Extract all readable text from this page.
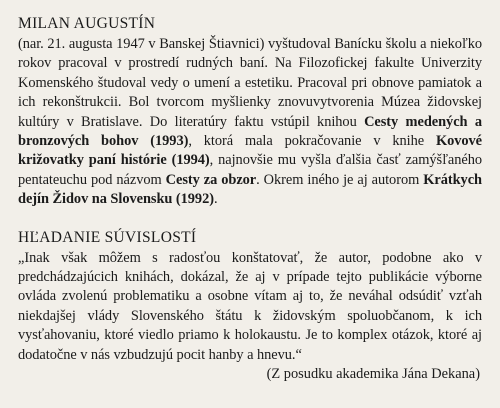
MILAN AUGUSTÍN

(nar. 21. augusta 1947 v Banskej Štiavnici) vyštudoval Banícku školu a niekoľko rokov pracoval v prostredí rudných baní. Na Filozofickej fakulte Univerzity Komenského študoval vedy o umení a estetiku. Pracoval pri obnove pamiatok a ich rekonštrukcii. Bol tvorcom myšlienky znovuvytvorenia Múzea židovskej kultúry v Bratislave. Do literatúry faktu vstúpil knihou Cesty medených a bronzových bohov (1993), ktorá mala pokračovanie v knihe Kovové križovatky paní histórie (1994), najnovšie mu vyšla ďalšia časť zamýšľaného pentateuchu pod názvom Cesty za obzor. Okrem iného je aj autorom Krátkych dejín Židov na Slovensku (1992).

HĽADANIE SÚVISLOSTÍ

„Inak však môžem s radosťou konštatovať, že autor, podobne ako v predchádzajúcich knihách, dokázal, že aj v prípade tejto publikácie výborne ovláda zvolenú problematiku a osobne vítam aj to, že neváhal odsúdiť vzťah niekdajšej vlády Slovenského štátu k židovským spoluobčanom, k ich vysťahovaniu, ktoré viedlo priamo k holokaustu. Je to komplex otázok, ktoré aj dodatočne v nás vzbudzujú pocit hanby a hnevu.“

(Z posudku akademika Jána Dekana)
